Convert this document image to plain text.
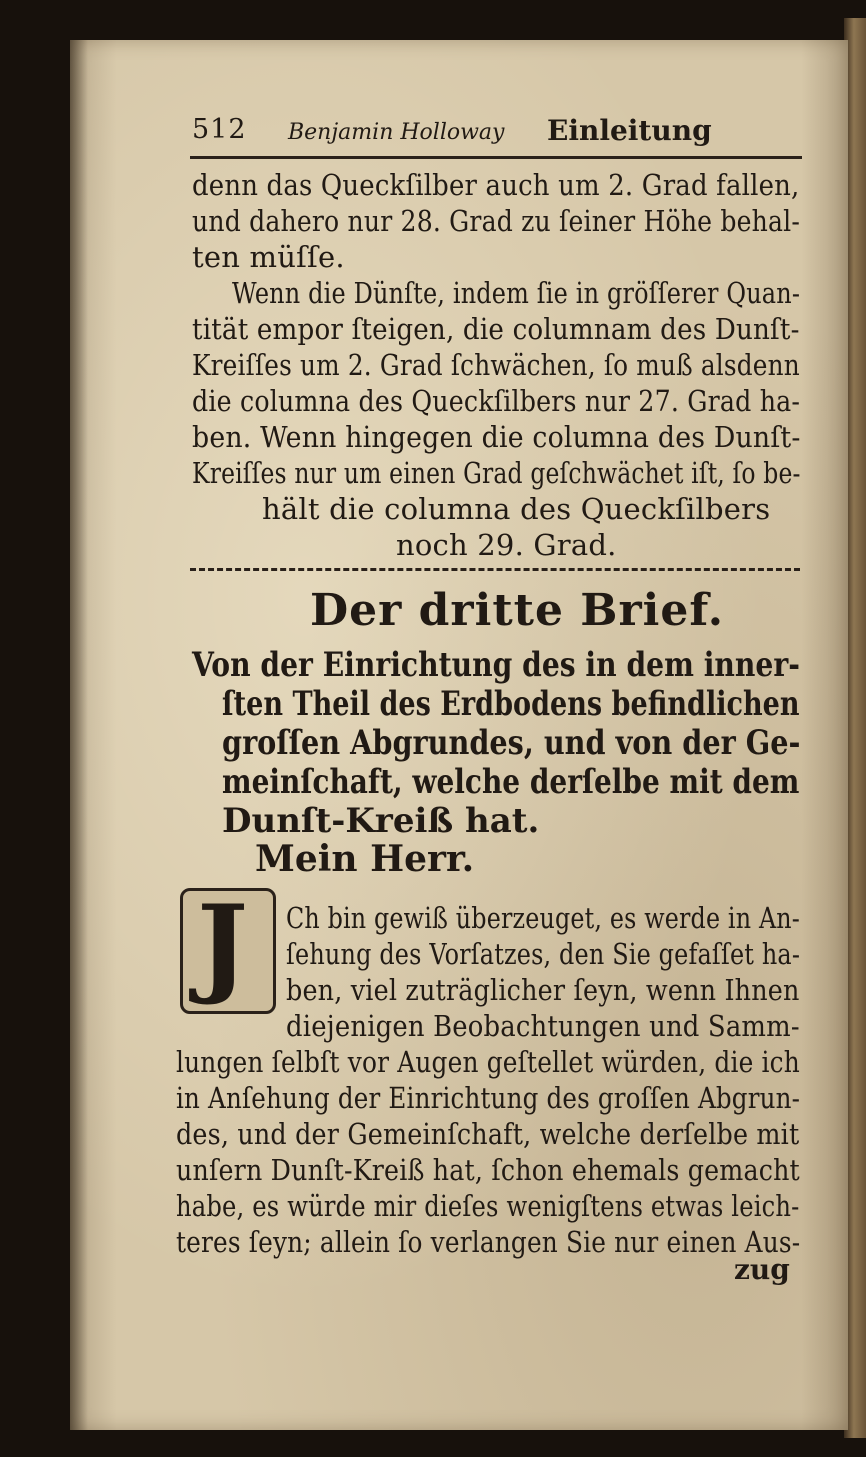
512 Benjamin Holloway Einleitung
denn das Queckſilber auch um 2. Grad fallen,
und dahero nur 28. Grad zu ſeiner Höhe behal-
ten müſſe.
Wenn die Dünſte, indem ſie in gröſſerer Quan-
tität empor ſteigen, die columnam des Dunſt-
Kreiſſes um 2. Grad ſchwächen, ſo muß alsdenn
die columna des Queckſilbers nur 27. Grad ha-
ben. Wenn hingegen die columna des Dunſt-
Kreiſſes nur um einen Grad geſchwächet iſt, ſo be-
hält die columna des Queckſilbers
noch 29. Grad.
Der dritte Brief.
Von der Einrichtung des in dem inner-
ſten Theil des Erdbodens befindlichen
groſſen Abgrundes, und von der Ge-
meinſchaft, welche derſelbe mit dem
Dunſt-Kreiß hat.
Mein Herr.
J Ch bin gewiß überzeuget, es werde in An-
ſehung des Vorſatzes, den Sie gefaſſet ha-
ben, viel zuträglicher ſeyn, wenn Ihnen
diejenigen Beobachtungen und Samm-
lungen ſelbſt vor Augen geſtellet würden, die ich
in Anſehung der Einrichtung des groſſen Abgrun-
des, und der Gemeinſchaft, welche derſelbe mit
unſern Dunſt-Kreiß hat, ſchon ehemals gemacht
habe, es würde mir dieſes wenigſtens etwas leich-
teres ſeyn; allein ſo verlangen Sie nur einen Aus-
zug
